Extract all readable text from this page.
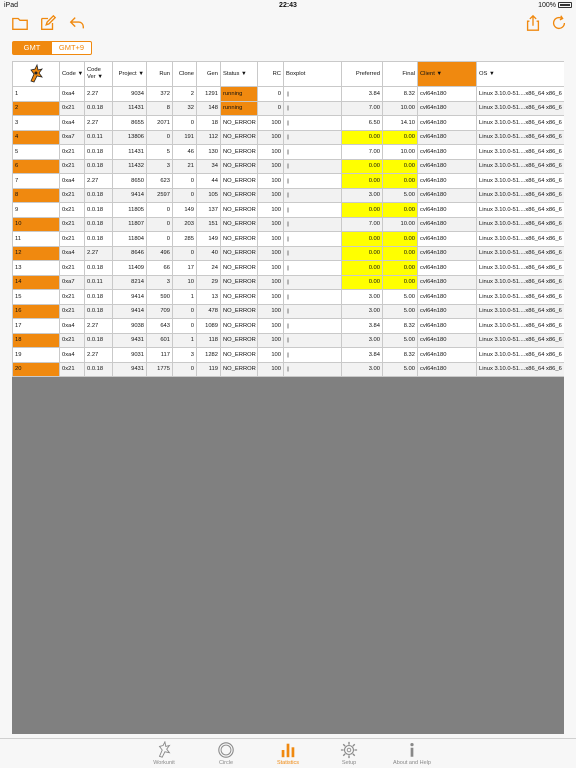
iPad	22:43	100%
GMT	GMT+9
	Code ▼	Code Ver ▼	Project ▼	Run	Clone	Gen	Status ▼	RC	Boxplot	Preferred	Final	Client ▼	OS ▼
1	0xa4	2.27	9034	372	2	1291	running	0		3.84	8.32	cvl64n180	Linux 3.10.0-51....x86_64 x86_6
2	0x21	0.0.18	11431	8	32	148	running	0		7.00	10.00	cvl64n180	Linux 3.10.0-51....x86_64 x86_6
3	0xa4	2.27	8655	2071	0	18	NO_ERROR	100		6.50	14.10	cvl64n180	Linux 3.10.0-51....x86_64 x86_6
4	0xa7	0.0.11	13806	0	191	112	NO_ERROR	100		0.00	0.00	cvl64n180	Linux 3.10.0-51....x86_64 x86_6
5	0x21	0.0.18	11431	5	46	130	NO_ERROR	100		7.00	10.00	cvl64n180	Linux 3.10.0-51....x86_64 x86_6
6	0x21	0.0.18	11432	3	21	34	NO_ERROR	100		0.00	0.00	cvl64n180	Linux 3.10.0-51....x86_64 x86_6
7	0xa4	2.27	8650	623	0	44	NO_ERROR	100		0.00	0.00	cvl64n180	Linux 3.10.0-51....x86_64 x86_6
8	0x21	0.0.18	9414	2597	0	105	NO_ERROR	100		3.00	5.00	cvl64n180	Linux 3.10.0-51....x86_64 x86_6
9	0x21	0.0.18	11805	0	149	137	NO_ERROR	100		0.00	0.00	cvl64n180	Linux 3.10.0-51....x86_64 x86_6
10	0x21	0.0.18	11807	0	203	151	NO_ERROR	100		7.00	10.00	cvl64n180	Linux 3.10.0-51....x86_64 x86_6
11	0x21	0.0.18	11804	0	285	149	NO_ERROR	100		0.00	0.00	cvl64n180	Linux 3.10.0-51....x86_64 x86_6
12	0xa4	2.27	8646	496	0	40	NO_ERROR	100		0.00	0.00	cvl64n180	Linux 3.10.0-51....x86_64 x86_6
13	0x21	0.0.18	11409	66	17	24	NO_ERROR	100		0.00	0.00	cvl64n180	Linux 3.10.0-51....x86_64 x86_6
14	0xa7	0.0.11	8214	3	10	29	NO_ERROR	100		0.00	0.00	cvl64n180	Linux 3.10.0-51....x86_64 x86_6
15	0x21	0.0.18	9414	590	1	13	NO_ERROR	100		3.00	5.00	cvl64n180	Linux 3.10.0-51....x86_64 x86_6
16	0x21	0.0.18	9414	709	0	478	NO_ERROR	100		3.00	5.00	cvl64n180	Linux 3.10.0-51....x86_64 x86_6
17	0xa4	2.27	9038	643	0	1089	NO_ERROR	100		3.84	8.32	cvl64n180	Linux 3.10.0-51....x86_64 x86_6
18	0x21	0.0.18	9431	601	1	118	NO_ERROR	100		3.00	5.00	cvl64n180	Linux 3.10.0-51....x86_64 x86_6
19	0xa4	2.27	9031	117	3	1282	NO_ERROR	100		3.84	8.32	cvl64n180	Linux 3.10.0-51....x86_64 x86_6
20	0x21	0.0.18	9431	1775	0	119	NO_ERROR	100		3.00	5.00	cvl64n180	Linux 3.10.0-51....x86_64 x86_6
Workunit	Circle	Statistics	Setup	About and Help
